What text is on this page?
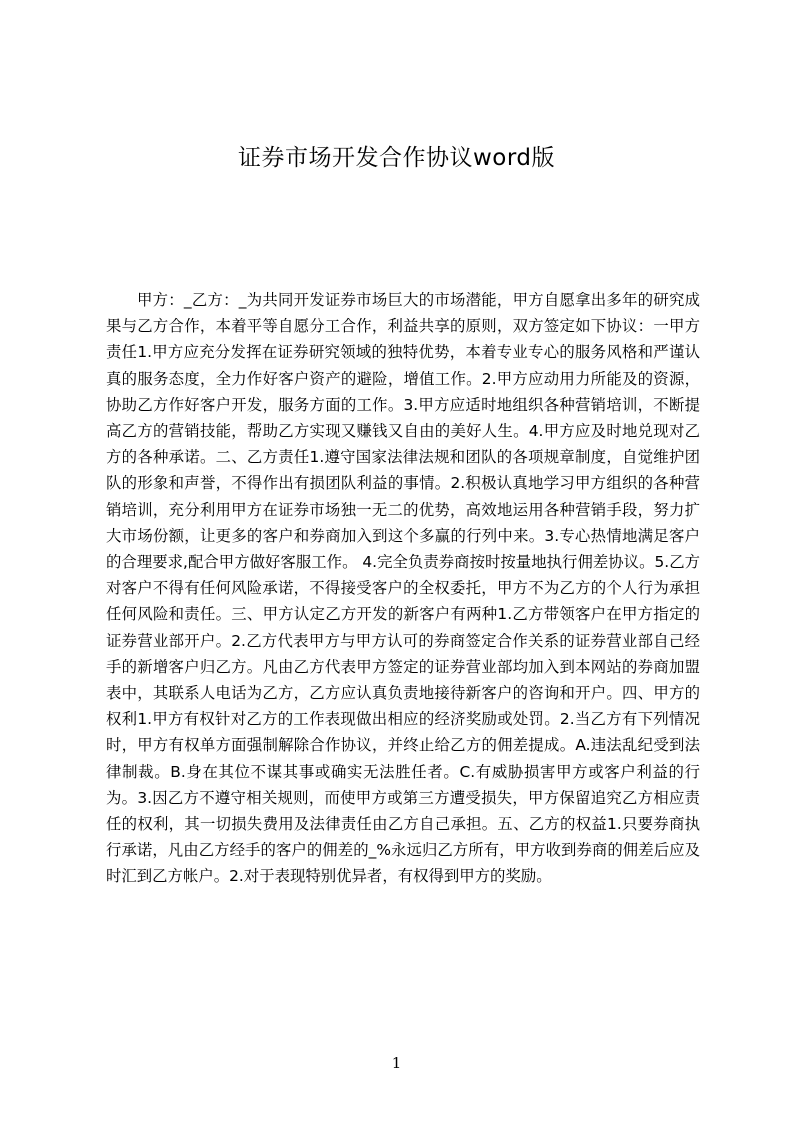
证券市场开发合作协议word版

甲方：_乙方：_为共同开发证券市场巨大的市场潜能，甲方自愿拿出多年的研究成果与乙方合作，本着平等自愿分工合作，利益共享的原则，双方签定如下协议：一甲方责任1.甲方应充分发挥在证券研究领域的独特优势，本着专业专心的服务风格和严谨认真的服务态度，全力作好客户资产的避险，增值工作。2.甲方应动用力所能及的资源，协助乙方作好客户开发，服务方面的工作。3.甲方应适时地组织各种营销培训，不断提高乙方的营销技能，帮助乙方实现又赚钱又自由的美好人生。4.甲方应及时地兑现对乙方的各种承诺。二、乙方责任1.遵守国家法律法规和团队的各项规章制度，自觉维护团队的形象和声誉，不得作出有损团队利益的事情。2.积极认真地学习甲方组织的各种营销培训，充分利用甲方在证券市场独一无二的优势，高效地运用各种营销手段，努力扩大市场份额，让更多的客户和券商加入到这个多赢的行列中来。3.专心热情地满足客户的合理要求,配合甲方做好客服工作。 4.完全负责券商按时按量地执行佣差协议。5.乙方对客户不得有任何风险承诺，不得接受客户的全权委托，甲方不为乙方的个人行为承担任何风险和责任。三、甲方认定乙方开发的新客户有两种1.乙方带领客户在甲方指定的证券营业部开户。2.乙方代表甲方与甲方认可的券商签定合作关系的证券营业部自己经手的新增客户归乙方。凡由乙方代表甲方签定的证券营业部均加入到本网站的券商加盟表中，其联系人电话为乙方，乙方应认真负责地接待新客户的咨询和开户。四、甲方的权利1.甲方有权针对乙方的工作表现做出相应的经济奖励或处罚。2.当乙方有下列情况时，甲方有权单方面强制解除合作协议，并终止给乙方的佣差提成。A.违法乱纪受到法律制裁。B.身在其位不谋其事或确实无法胜任者。C.有威胁损害甲方或客户利益的行为。3.因乙方不遵守相关规则，而使甲方或第三方遭受损失，甲方保留追究乙方相应责任的权利，其一切损失费用及法律责任由乙方自己承担。五、乙方的权益1.只要券商执行承诺，凡由乙方经手的客户的佣差的_%永远归乙方所有，甲方收到券商的佣差后应及时汇到乙方帐户。2.对于表现特别优异者，有权得到甲方的奖励。

1
